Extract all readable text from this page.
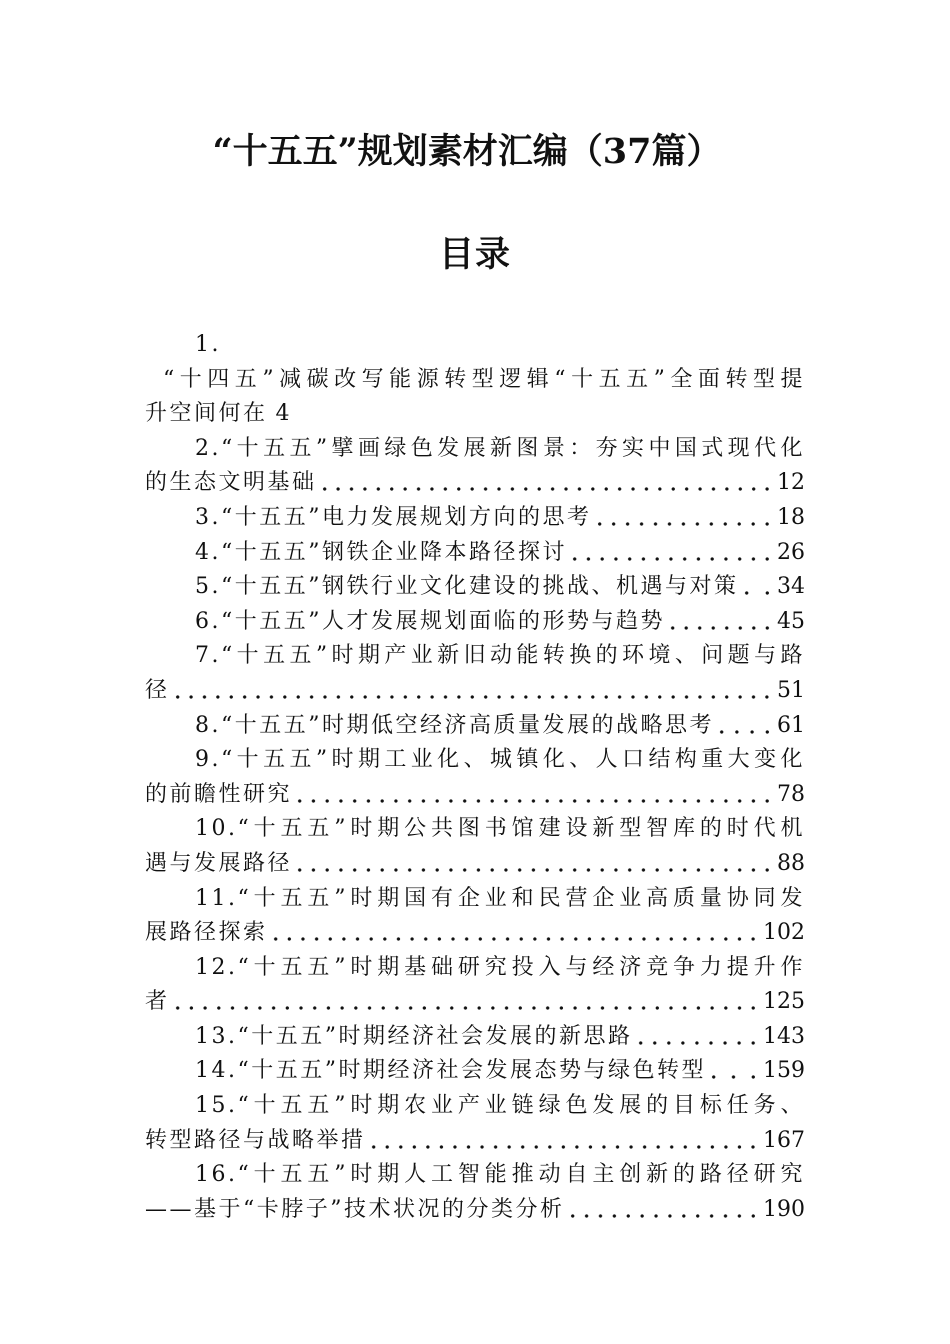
“十五五”规划素材汇编（37篇）
目录
1.
“十四五”减碳改写能源转型逻辑“十五五”全面转型提
升空间何在 4
2.“十五五”擘画绿色发展新图景：夯实中国式现代化
的生态文明基础	12
3. “十五五”电力发展规划方向的思考	18
4. “十五五”钢铁企业降本路径探讨	26
5. “十五五”钢铁行业文化建设的挑战、机遇与对策 34
6. “十五五”人才发展规划面临的形势与趋势	45
7.“十五五”时期产业新旧动能转换的环境、问题与路
径	51
8. “十五五”时期低空经济高质量发展的战略思考	61
9.“十五五”时期工业化、城镇化、人口结构重大变化
的前瞻性研究	78
10.“十五五”时期公共图书馆建设新型智库的时代机
遇与发展路径	88
11.“十五五”时期国有企业和民营企业高质量协同发
展路径探索	102
12.“十五五”时期基础研究投入与经济竞争力提升作
者	125
13. “十五五”时期经济社会发展的新思路	143
14. “十五五”时期经济社会发展态势与绿色转型	159
15.“十五五”时期农业产业链绿色发展的目标任务、
转型路径与战略举措	167
16.“十五五”时期人工智能推动自主创新的路径研究
——基于“卡脖子”技术状况的分类分析	190
